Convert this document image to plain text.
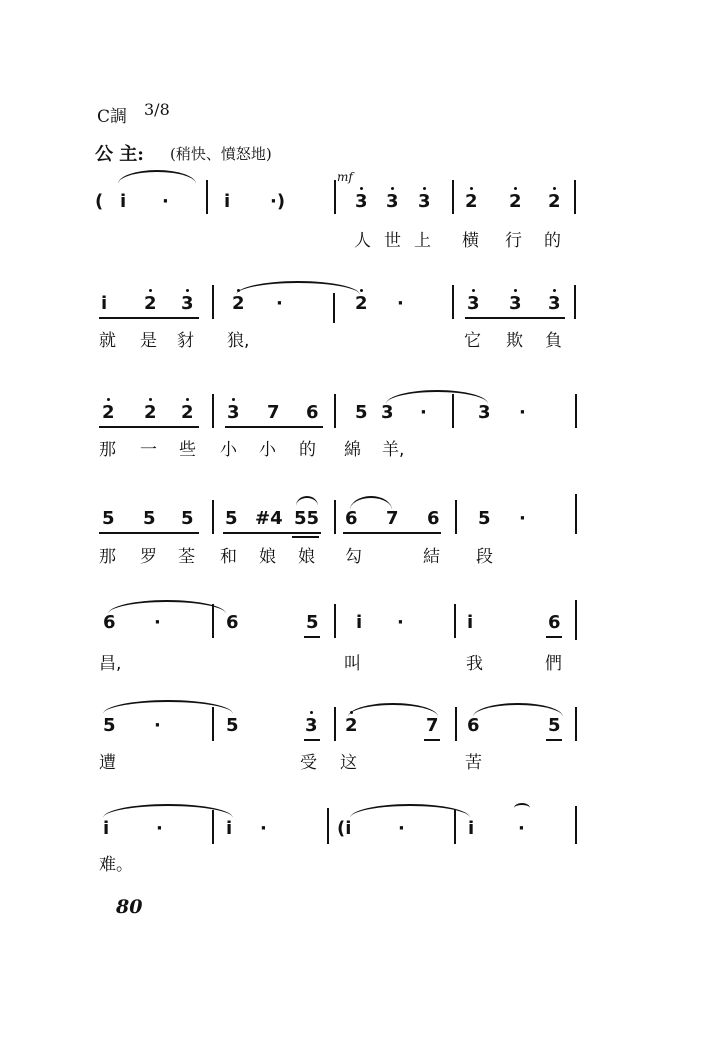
C調 3/8
公 主: (稍快、憤怒地)
( i ·	i ·)
mf
3 3 3 2 2 2
人 世 上 横 行 的
i 2 3 2 ·	2 ·	3 3 3
就 是 豺 狼,	它 欺 負
2 2 2 3 7 6 5 3 ·	3 ·
那 一 些 小 小 的 綿 羊,
5 5 5 5 #4 55 6 7 6 5 ·
那 罗 荃 和 娘 娘 勾	結 段
6 ·	6	5 i ·	i	6
昌,	叫	我	們
5 ·	5	3 2	7 6	5
遭	受 这	苦
i	·	i ·	(i	·	i ·
难。
80
